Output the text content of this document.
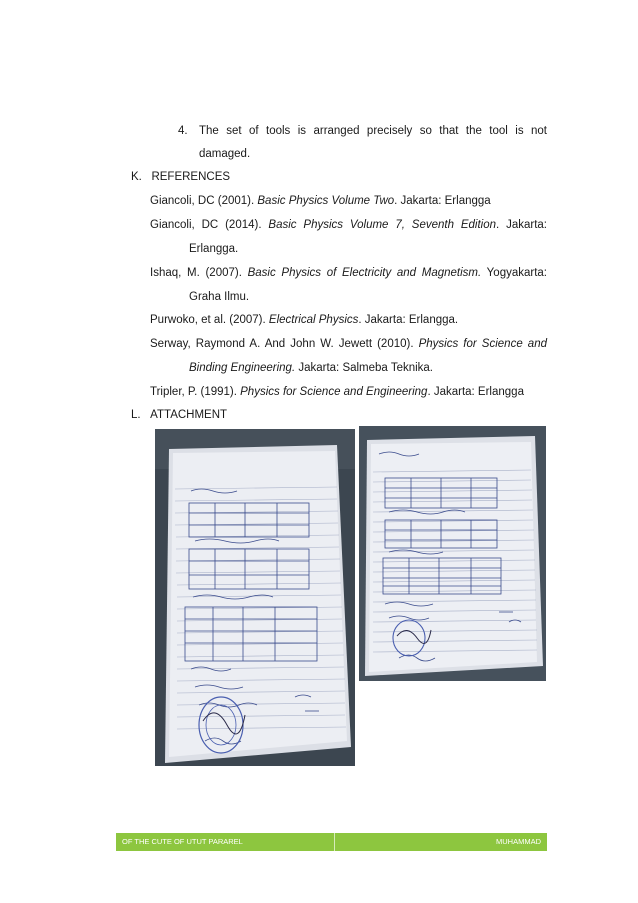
4. The set of tools is arranged precisely so that the tool is not
damaged.
K.   REFERENCES
Giancoli, DC (2001). Basic Physics Volume Two. Jakarta: Erlangga
Giancoli, DC (2014). Basic Physics Volume 7, Seventh Edition. Jakarta:
Erlangga.
Ishaq, M. (2007). Basic Physics of Electricity and Magnetism. Yogyakarta:
Graha Ilmu.
Purwoko, et al. (2007). Electrical Physics. Jakarta: Erlangga.
Serway, Raymond A. And John W. Jewett (2010). Physics for Science and
Binding Engineering. Jakarta: Salmeba Teknika.
Tripler, P. (1991). Physics for Science and Engineering. Jakarta: Erlangga
L.   ATTACHMENT
OF THE CUTE OF UTUT PARAREL	MUHAMMAD
